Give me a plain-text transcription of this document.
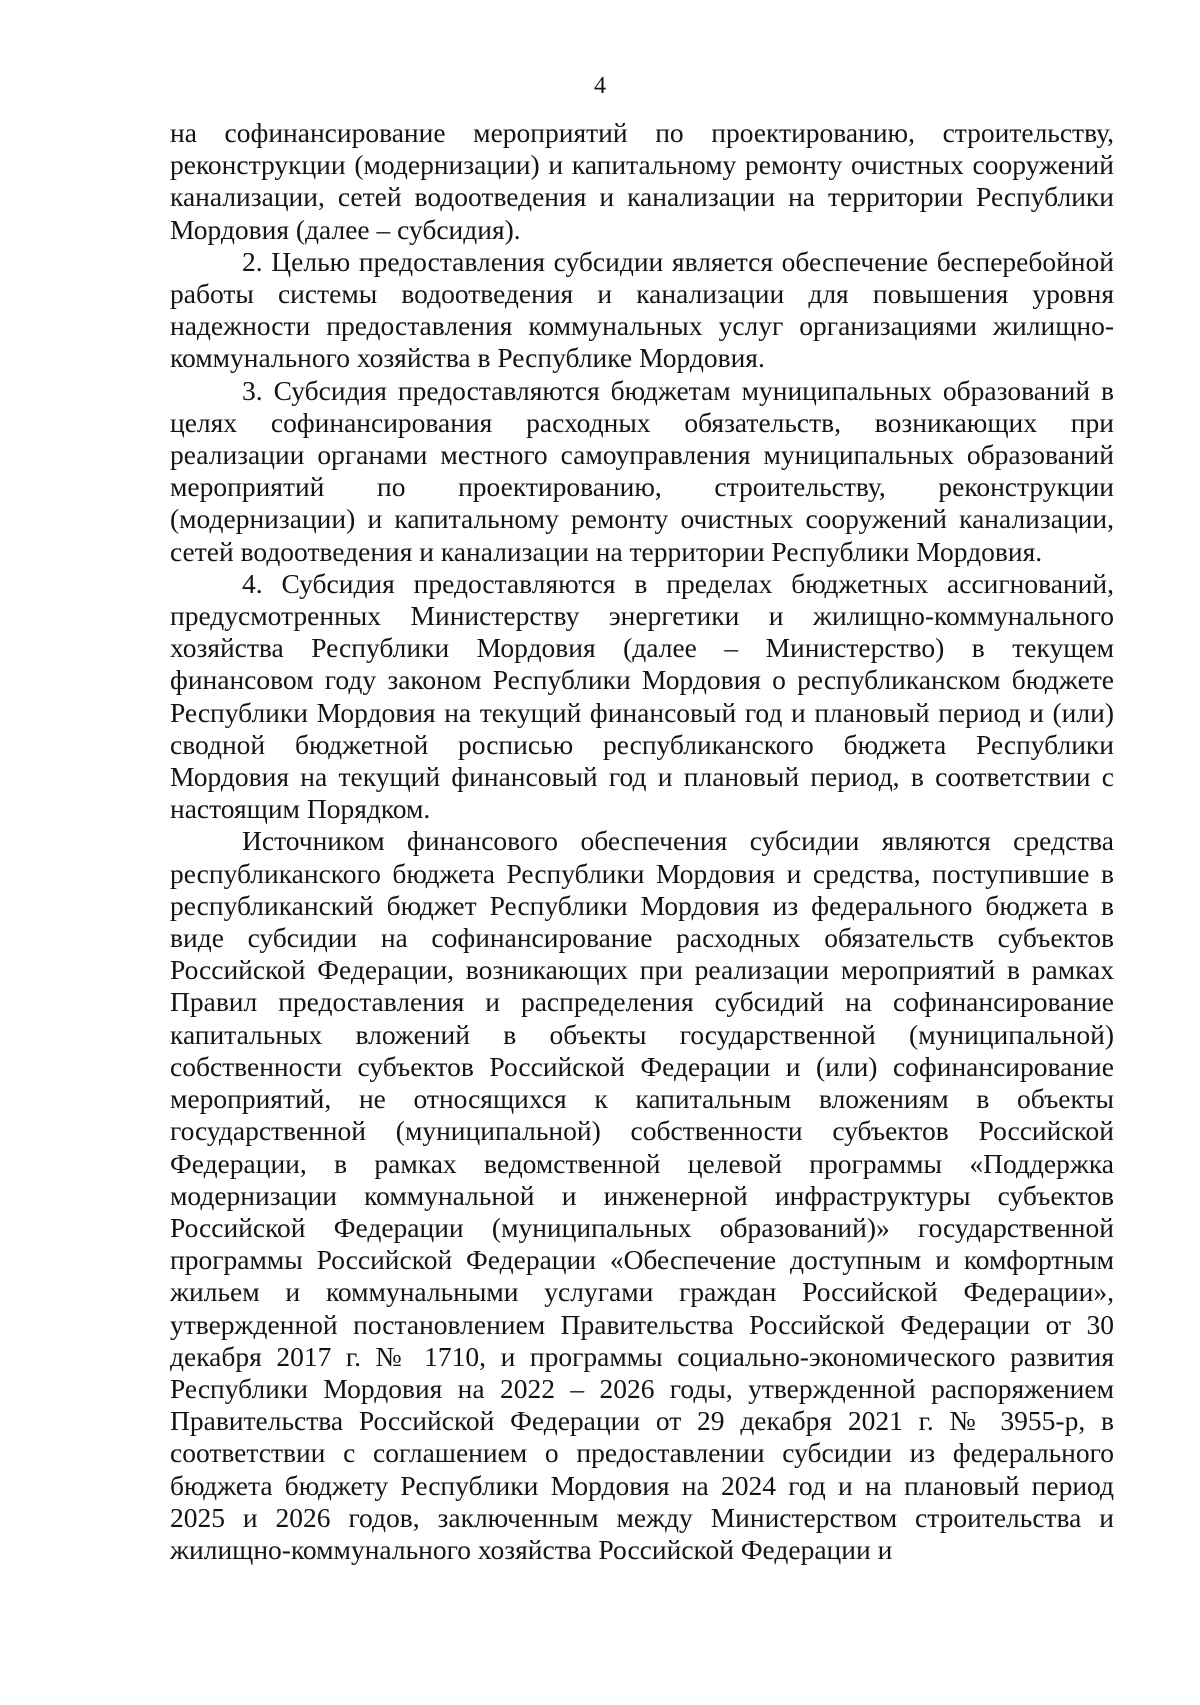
4

на софинансирование мероприятий по проектированию, строительству, реконструкции (модернизации) и капитальному ремонту очистных сооружений канализации, сетей водоотведения и канализации на территории Республики Мордовия (далее – субсидия).

2. Целью предоставления субсидии является обеспечение бесперебойной работы системы водоотведения и канализации для повышения уровня надежности предоставления коммунальных услуг организациями жилищно-коммунального хозяйства в Республике Мордовия.

3. Субсидия предоставляются бюджетам муниципальных образований в целях софинансирования расходных обязательств, возникающих при реализации органами местного самоуправления муниципальных образований мероприятий по проектированию, строительству, реконструкции (модернизации) и капитальному ремонту очистных сооружений канализации, сетей водоотведения и канализации на территории Республики Мордовия.

4. Субсидия предоставляются в пределах бюджетных ассигнований, предусмотренных Министерству энергетики и жилищно-коммунального хозяйства Республики Мордовия (далее – Министерство) в текущем финансовом году законом Республики Мордовия о республиканском бюджете Республики Мордовия на текущий финансовый год и плановый период и (или) сводной бюджетной росписью республиканского бюджета Республики Мордовия на текущий финансовый год и плановый период, в соответствии с настоящим Порядком.

Источником финансового обеспечения субсидии являются средства республиканского бюджета Республики Мордовия и средства, поступившие в республиканский бюджет Республики Мордовия из федерального бюджета в виде субсидии на софинансирование расходных обязательств субъектов Российской Федерации, возникающих при реализации мероприятий в рамках Правил предоставления и распределения субсидий на софинансирование капитальных вложений в объекты государственной (муниципальной) собственности субъектов Российской Федерации и (или) софинансирование мероприятий, не относящихся к капитальным вложениям в объекты государственной (муниципальной) собственности субъектов Российской Федерации, в рамках ведомственной целевой программы «Поддержка модернизации коммунальной и инженерной инфраструктуры субъектов Российской Федерации (муниципальных образований)» государственной программы Российской Федерации «Обеспечение доступным и комфортным жильем и коммунальными услугами граждан Российской Федерации», утвержденной постановлением Правительства Российской Федерации от 30 декабря 2017 г. № 1710, и программы социально-экономического развития Республики Мордовия на 2022 – 2026 годы, утвержденной распоряжением Правительства Российской Федерации от 29 декабря 2021 г. № 3955-р, в соответствии с соглашением о предоставлении субсидии из федерального бюджета бюджету Республики Мордовия на 2024 год и на плановый период 2025 и 2026 годов, заключенным между Министерством строительства и жилищно-коммунального хозяйства Российской Федерации и
